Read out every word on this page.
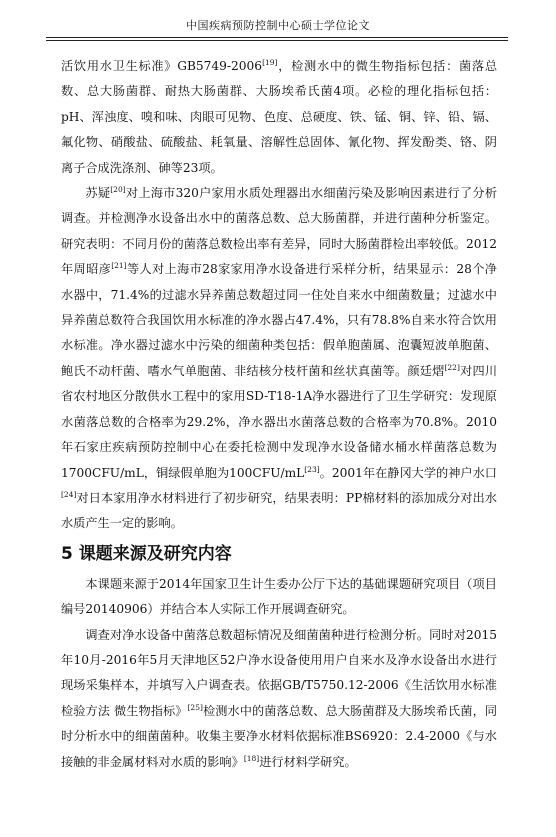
中国疾病预防控制中心硕士学位论文

活饮用水卫生标准》GB5749-2006[19]，检测水中的微生物指标包括：菌落总数、总大肠菌群、耐热大肠菌群、大肠埃希氏菌4项。必检的理化指标包括：pH、浑浊度、嗅和味、肉眼可见物、色度、总硬度、铁、锰、铜、锌、铅、镉、氟化物、硝酸盐、硫酸盐、耗氧量、溶解性总固体、氰化物、挥发酚类、铬、阴离子合成洗涤剂、砷等23项。

苏疑[20]对上海市320户家用水质处理器出水细菌污染及影响因素进行了分析调查。并检测净水设备出水中的菌落总数、总大肠菌群，并进行菌种分析鉴定。研究表明：不同月份的菌落总数检出率有差异，同时大肠菌群检出率较低。2012年周昭彦[21]等人对上海市28家家用净水设备进行采样分析，结果显示：28个净水器中，71.4%的过滤水异养菌总数超过同一住处自来水中细菌数量；过滤水中异养菌总数符合我国饮用水标准的净水器占47.4%，只有78.8%自来水符合饮用水标准。净水器过滤水中污染的细菌种类包括：假单胞菌属、泡囊短波单胞菌、鲍氏不动杆菌、嗜水气单胞菌、非结核分枝杆菌和丝状真菌等。颜廷熠[22]对四川省农村地区分散供水工程中的家用SD-T18-1A净水器进行了卫生学研究：发现原水菌落总数的合格率为29.2%，净水器出水菌落总数的合格率为70.8%。2010年石家庄疾病预防控制中心在委托检测中发现净水设备储水桶水样菌落总数为1700CFU/mL，铜绿假单胞为100CFU/mL[23]。2001年在静冈大学的神户水口[24]对日本家用净水材料进行了初步研究，结果表明：PP棉材料的添加成分对出水水质产生一定的影响。

5 课题来源及研究内容

本课题来源于2014年国家卫生计生委办公厅下达的基础课题研究项目（项目编号20140906）并结合本人实际工作开展调查研究。

调查对净水设备中菌落总数超标情况及细菌菌种进行检测分析。同时对2015年10月-2016年5月天津地区52户净水设备使用用户自来水及净水设备出水进行现场采集样本，并填写入户调查表。依据GB/T5750.12-2006《生活饮用水标准检验方法 微生物指标》[25]检测水中的菌落总数、总大肠菌群及大肠埃希氏菌，同时分析水中的细菌菌种。收集主要净水材料依据标准BS6920：2.4-2000《与水接触的非金属材料对水质的影响》[18]进行材料学研究。
